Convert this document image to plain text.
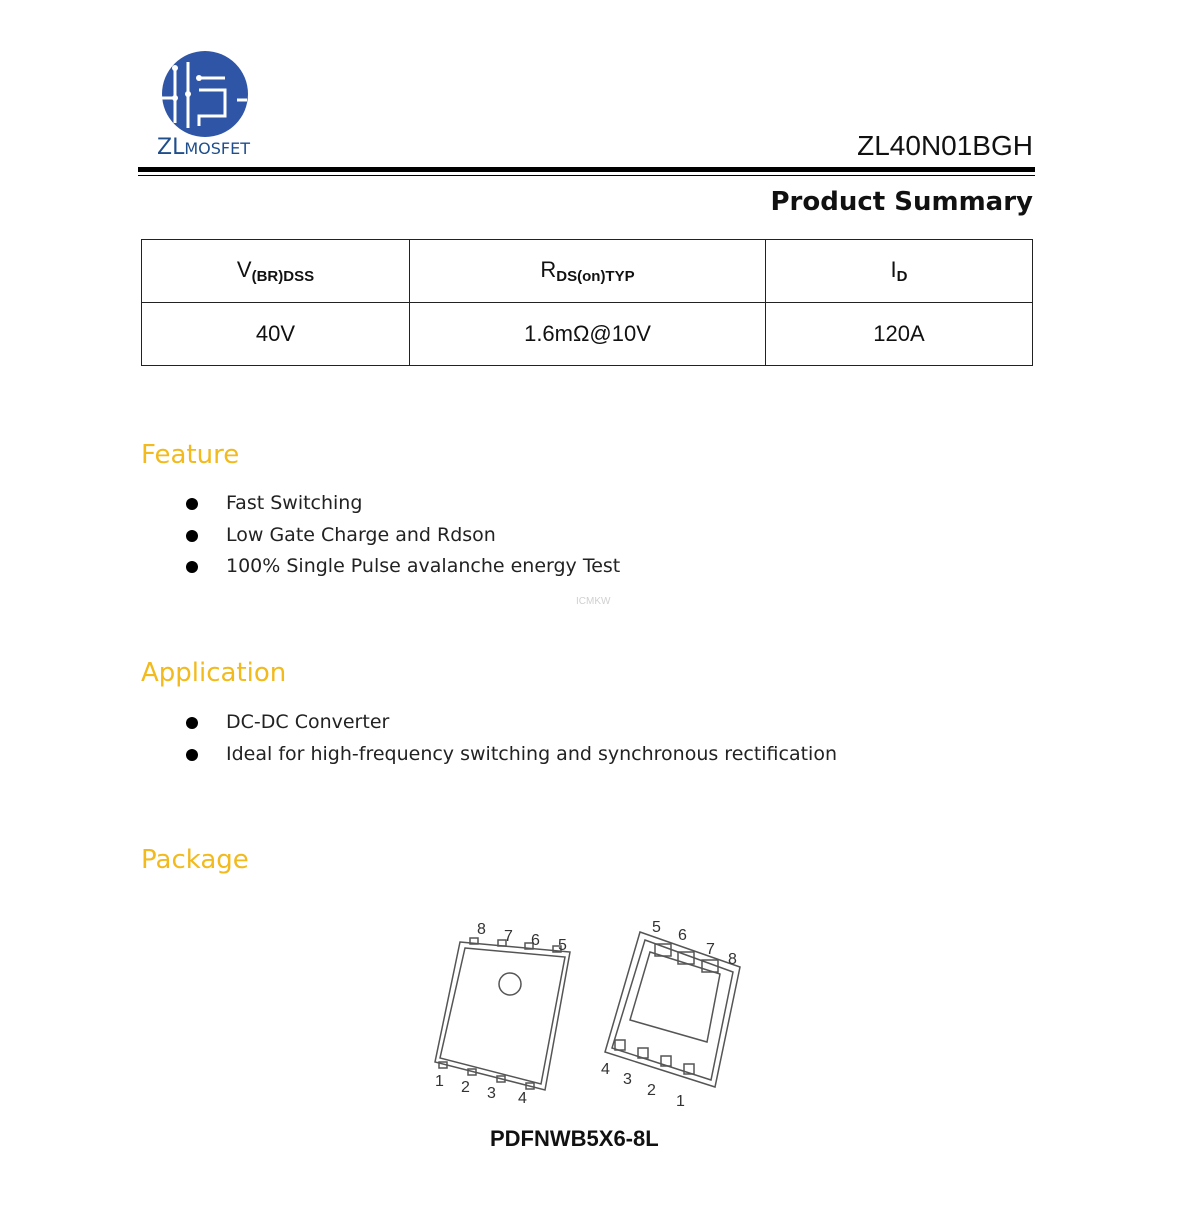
ZLMOSFET	ZL40N01BGH
Product Summary
$V_{(BR)DSS}$	$R_{DS(on)TYP}$	$I_D$
40V	1.6mΩ@10V	120A
Feature
Fast Switching
Low Gate Charge and Rdson
100% Single Pulse avalanche energy Test
ICMKW
Application
DC-DC Converter
Ideal for high-frequency switching and synchronous rectification
Package
8 7 6 5
1 2 3 4
5 6
7
8
4
3
2
1
PDFNWB5X6-8L
